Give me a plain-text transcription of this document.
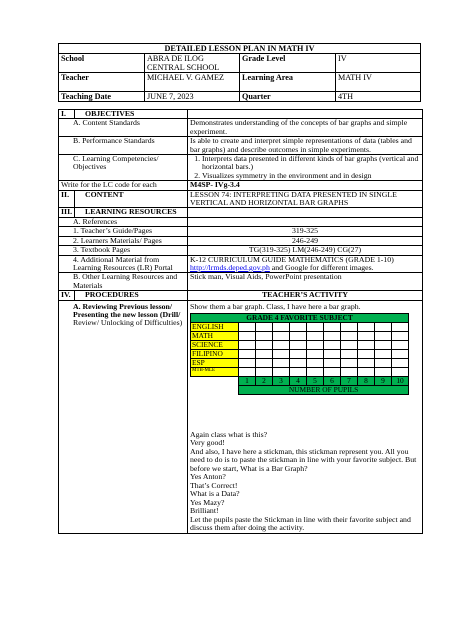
DETAILED LESSON PLAN IN MATH IV			
School	ABRA DE ILOG CENTRAL SCHOOL	Grade Level	IV
Teacher	MICHAEL V. GAMEZ	Learning Area	MATH IV
Teaching Date	JUNE 7, 2023	Quarter	4TH
I.	OBJECTIVES	
A. Content Standards	Demonstrates understanding of the concepts of bar graphs and simple experiment.
B. Performance Standards	Is able to create and interpret simple representations of data (tables and bar graphs) and describe outcomes in simple experiments.
C. Learning Competencies/ Objectives	
1. Interprets data presented in different kinds of bar graphs (vertical and horizontal bars.)
2. Visualizes symmetry in the environment and in design

Write for the LC code for each	M4SP- IVg-3.4
II.	CONTENT	LESSON 74: INTERPRETING DATA PRESENTED IN SINGLE VERTICAL AND HORIZONTAL BAR GRAPHS
III.	LEARNING RESOURCES	
A. References	
1. Teacher’s Guide/Pages	319-325
2. Learners Materials/ Pages	246-249
3. Textbook Pages	TG(319-325) LM(246-249) CG(27)
4. Additional Material from Learning Resources (LR) Portal	
K-12 CURRICULUM GUIDE MATHEMATICS (GRADE 1-10)
http://lrmds.deped.gov.ph and Google for different images.

B. Other Learning Resources and Materials	Stick man, Visual Aids, PowerPoint presentation
IV.	PROCEDURES	TEACHER’S ACTIVITY
A. Reviewing Previous lesson/ Presenting the new lesson (Drill/ Review/ Unlocking of Difficulties)	
Show them a bar graph. Class, I have here a bar graph.
GRADE 4 FAVORITE SUBJECT
ENGLISH										
MATH										
SCIENCE										
FILIPINO										
ESP										
MTB-MLE										
	1	2	3	4	5	6	7	8	9	10
	NUMBER OF PUPILS
Again class what is this?
Very good!
And also, I have here a stickman, this stickman represent you. All you need to do is to paste the stickman in line with your favorite subject. But before we start, What is a Bar Graph?
Yes Anton?
That’s Correct!
What is a Data?
Yes Mazy?
Brilliant!
Let the pupils paste the Stickman in line with their favorite subject and discuss them after doing the activity.
